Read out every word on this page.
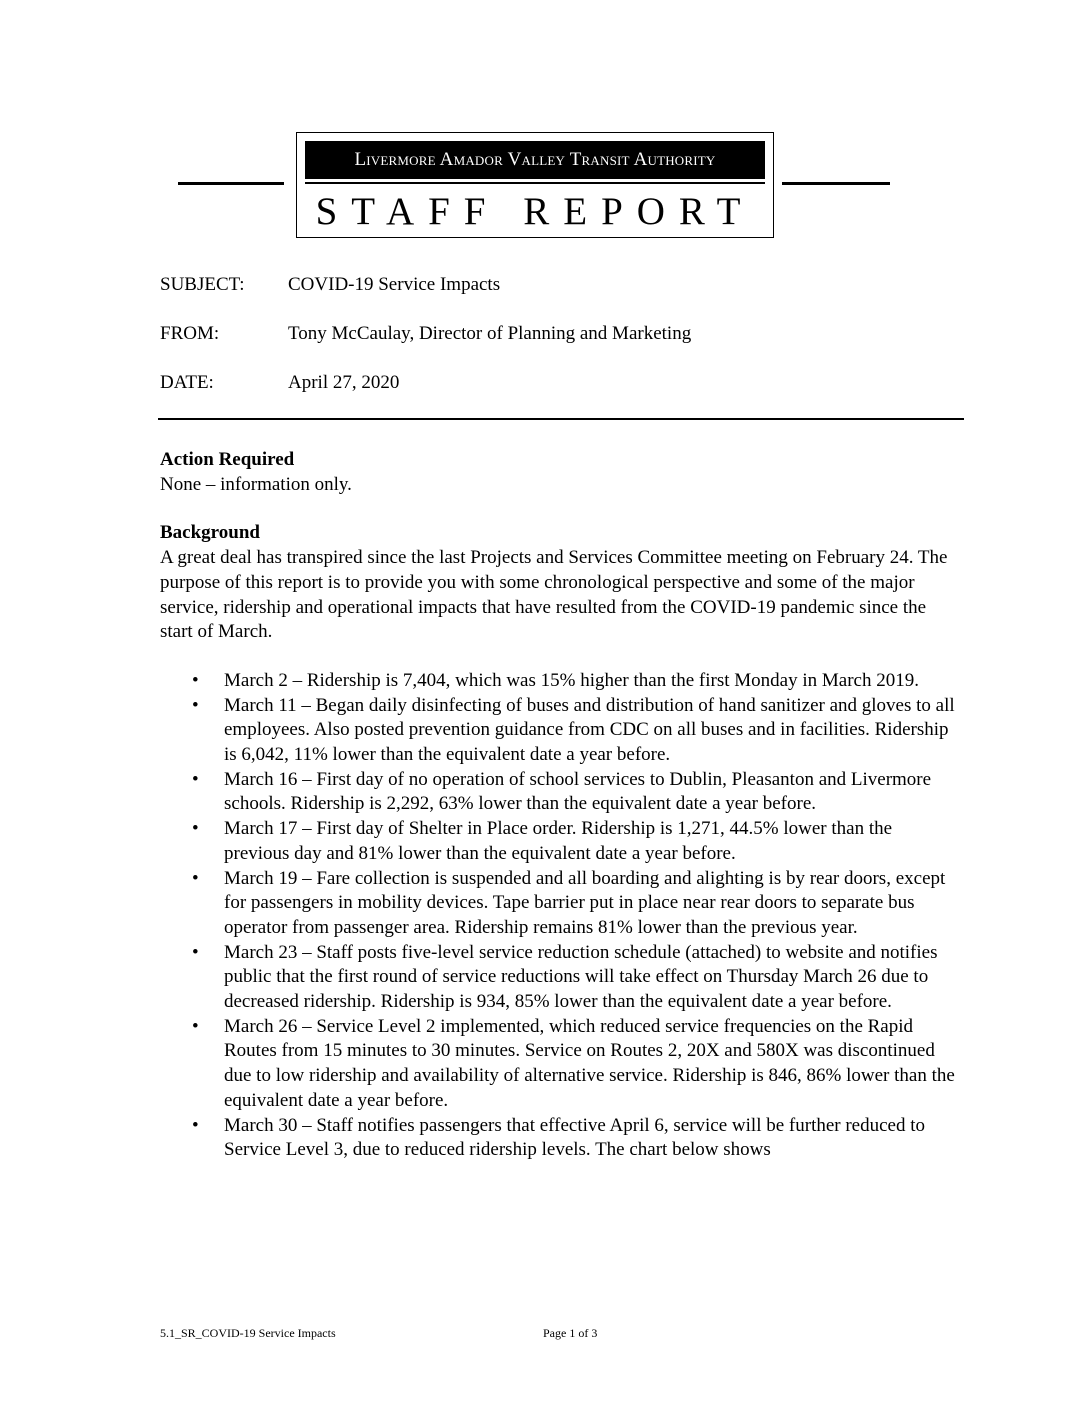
Livermore Amador Valley Transit Authority
STAFF REPORT
SUBJECT: COVID-19 Service Impacts
FROM:	Tony McCaulay, Director of Planning and Marketing
DATE:	April 27, 2020
Action Required

None – information only.

Background

A great deal has transpired since the last Projects and Services Committee meeting on February 24. The purpose of this report is to provide you with some chronological perspective and some of the major service, ridership and operational impacts that have resulted from the COVID-19 pandemic since the start of March.

• March 2 – Ridership is 7,404, which was 15% higher than the first Monday in March 2019.
• March 11 – Began daily disinfecting of buses and distribution of hand sanitizer and gloves to all employees. Also posted prevention guidance from CDC on all buses and in facilities. Ridership is 6,042, 11% lower than the equivalent date a year before.
• March 16 – First day of no operation of school services to Dublin, Pleasanton and Livermore schools. Ridership is 2,292, 63% lower than the equivalent date a year before.
• March 17 – First day of Shelter in Place order. Ridership is 1,271, 44.5% lower than the previous day and 81% lower than the equivalent date a year before.
• March 19 – Fare collection is suspended and all boarding and alighting is by rear doors, except for passengers in mobility devices. Tape barrier put in place near rear doors to separate bus operator from passenger area. Ridership remains 81% lower than the previous year.
• March 23 – Staff posts five-level service reduction schedule (attached) to website and notifies public that the first round of service reductions will take effect on Thursday March 26 due to decreased ridership. Ridership is 934, 85% lower than the equivalent date a year before.
• March 26 – Service Level 2 implemented, which reduced service frequencies on the Rapid Routes from 15 minutes to 30 minutes. Service on Routes 2, 20X and 580X was discontinued due to low ridership and availability of alternative service. Ridership is 846, 86% lower than the equivalent date a year before.
• March 30 – Staff notifies passengers that effective April 6, service will be further reduced to Service Level 3, due to reduced ridership levels. The chart below shows
5.1_SR_COVID-19 Service Impacts	Page 1 of 3
